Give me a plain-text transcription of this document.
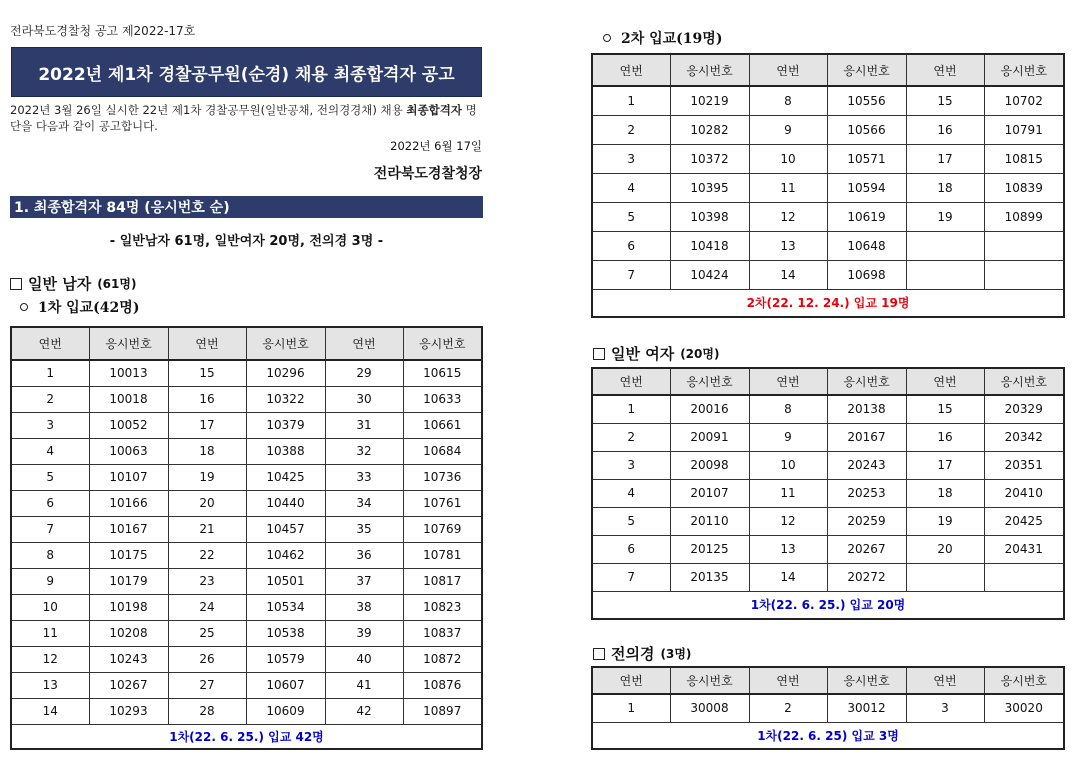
전라북도경찰청 공고 제2022-17호
2022년 제1차 경찰공무원(순경) 채용 최종합격자 공고
2022년 3월 26일 실시한 22년 제1차 경찰공무원(일반공채, 전의경경채) 채용 최종합격자 명단을 다음과 같이 공고합니다.
2022년 6월 17일
전라북도경찰청장
1. 최종합격자 84명 (응시번호 순)
- 일반남자 61명, 일반여자 20명, 전의경 3명 -
일반 남자 (61명)
1차 입교(42명)
연번	응시번호	연번	응시번호	연번	응시번호
1	10013	15	10296	29	10615
2	10018	16	10322	30	10633
3	10052	17	10379	31	10661
4	10063	18	10388	32	10684
5	10107	19	10425	33	10736
6	10166	20	10440	34	10761
7	10167	21	10457	35	10769
8	10175	22	10462	36	10781
9	10179	23	10501	37	10817
10	10198	24	10534	38	10823
11	10208	25	10538	39	10837
12	10243	26	10579	40	10872
13	10267	27	10607	41	10876
14	10293	28	10609	42	10897
1차(22. 6. 25.) 입교 42명					
2차 입교(19명)
연번	응시번호	연번	응시번호	연번	응시번호
1	10219	8	10556	15	10702
2	10282	9	10566	16	10791
3	10372	10	10571	17	10815
4	10395	11	10594	18	10839
5	10398	12	10619	19	10899
6	10418	13	10648		
7	10424	14	10698		
2차(22. 12. 24.) 입교 19명					
일반 여자 (20명)
연번	응시번호	연번	응시번호	연번	응시번호
1	20016	8	20138	15	20329
2	20091	9	20167	16	20342
3	20098	10	20243	17	20351
4	20107	11	20253	18	20410
5	20110	12	20259	19	20425
6	20125	13	20267	20	20431
7	20135	14	20272		
1차(22. 6. 25.) 입교 20명					
전의경 (3명)
연번	응시번호	연번	응시번호	연번	응시번호
1	30008	2	30012	3	30020
1차(22. 6. 25) 입교 3명					
